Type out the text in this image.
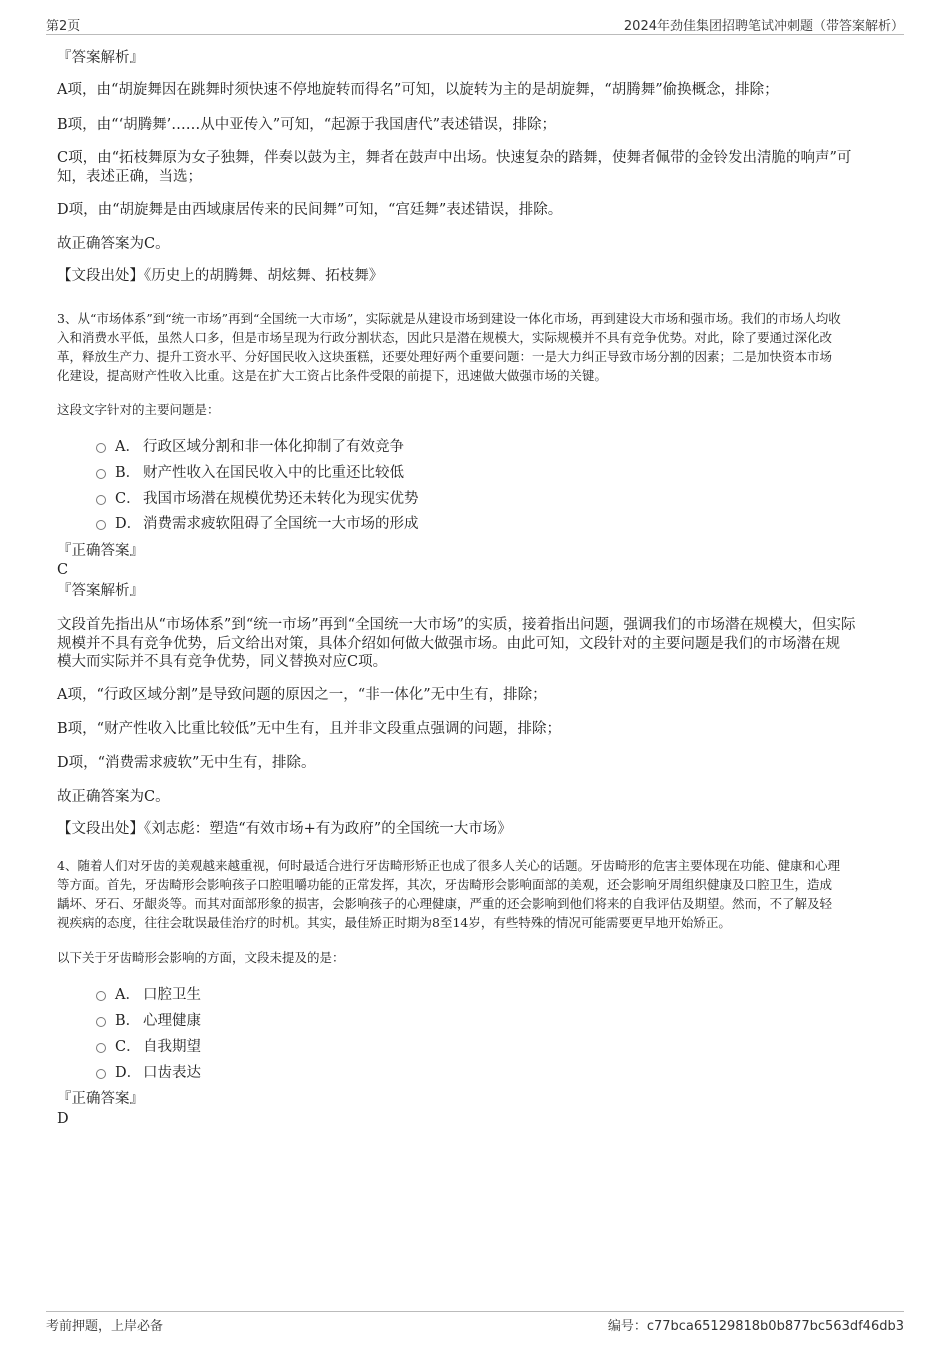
第2页	2024年劲佳集团招聘笔试冲刺题（带答案解析）

『答案解析』

A项，由“胡旋舞因在跳舞时须快速不停地旋转而得名”可知，以旋转为主的是胡旋舞，“胡腾舞”偷换概念，排除；

B项，由“‘胡腾舞’……从中亚传入”可知，“起源于我国唐代”表述错误，排除；

C项，由“拓枝舞原为女子独舞，伴奏以鼓为主，舞者在鼓声中出场。快速复杂的踏舞，使舞者佩带的金铃发出清脆的响声”可

知，表述正确，当选；

D项，由“胡旋舞是由西域康居传来的民间舞”可知，“宫廷舞”表述错误，排除。

故正确答案为C。

【文段出处】《历史上的胡腾舞、胡炫舞、拓枝舞》

3、从“市场体系”到“统一市场”再到“全国统一大市场”，实际就是从建设市场到建设一体化市场，再到建设大市场和强市场。我们的市场人均收

入和消费水平低，虽然人口多，但是市场呈现为行政分割状态，因此只是潜在规模大，实际规模并不具有竞争优势。对此，除了要通过深化改

革，释放生产力、提升工资水平、分好国民收入这块蛋糕，还要处理好两个重要问题：一是大力纠正导致市场分割的因素；二是加快资本市场

化建设，提高财产性收入比重。这是在扩大工资占比条件受限的前提下，迅速做大做强市场的关键。

这段文字针对的主要问题是：

A． 行政区域分割和非一体化抑制了有效竞争
B． 财产性收入在国民收入中的比重还比较低
C． 我国市场潜在规模优势还未转化为现实优势
D． 消费需求疲软阻碍了全国统一大市场的形成

『正确答案』

C

『答案解析』

文段首先指出从“市场体系”到“统一市场”再到“全国统一大市场”的实质，接着指出问题，强调我们的市场潜在规模大，但实际

规模并不具有竞争优势，后文给出对策，具体介绍如何做大做强市场。由此可知，文段针对的主要问题是我们的市场潜在规

模大而实际并不具有竞争优势，同义替换对应C项。

A项，“行政区域分割”是导致问题的原因之一，“非一体化”无中生有，排除；

B项，“财产性收入比重比较低”无中生有，且并非文段重点强调的问题，排除；

D项，“消费需求疲软”无中生有，排除。

故正确答案为C。

【文段出处】《刘志彪：塑造“有效市场+有为政府”的全国统一大市场》

4、随着人们对牙齿的美观越来越重视，何时最适合进行牙齿畸形矫正也成了很多人关心的话题。牙齿畸形的危害主要体现在功能、健康和心理

等方面。首先，牙齿畸形会影响孩子口腔咀嚼功能的正常发挥，其次，牙齿畸形会影响面部的美观，还会影响牙周组织健康及口腔卫生，造成

龋坏、牙石、牙龈炎等。而其对面部形象的损害，会影响孩子的心理健康，严重的还会影响到他们将来的自我评估及期望。然而，不了解及轻

视疾病的态度，往往会耽误最佳治疗的时机。其实，最佳矫正时期为8至14岁，有些特殊的情况可能需要更早地开始矫正。

以下关于牙齿畸形会影响的方面，文段未提及的是：

A． 口腔卫生
B． 心理健康
C． 自我期望
D． 口齿表达

『正确答案』

D

考前押题，上岸必备	编号：c77bca65129818b0b877bc563df46db3
